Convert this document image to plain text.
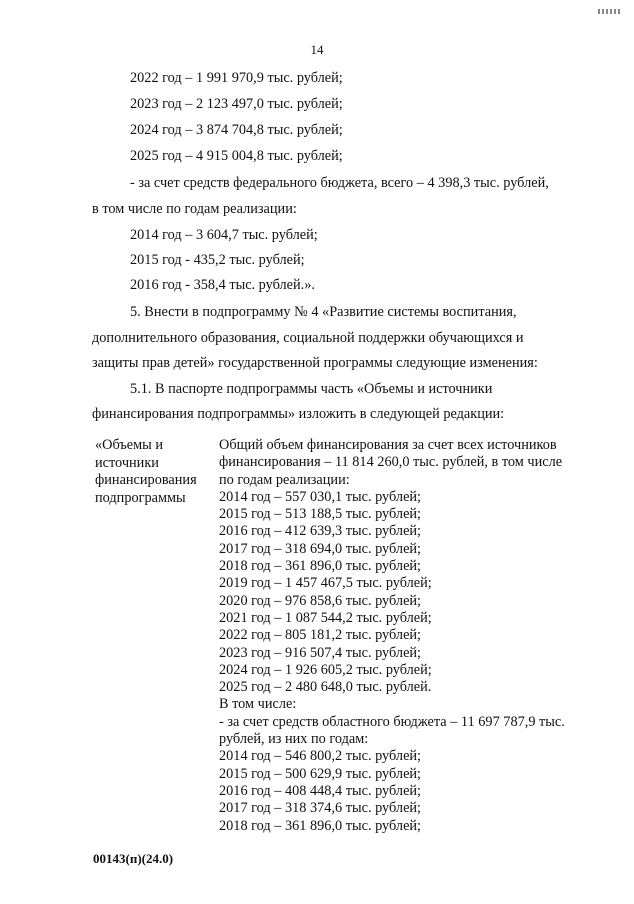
14
2022 год – 1 991 970,9 тыс. рублей;
2023 год – 2 123 497,0 тыс. рублей;
2024 год – 3 874 704,8 тыс. рублей;
2025 год – 4 915 004,8 тыс. рублей;
- за счет средств федерального бюджета, всего – 4 398,3 тыс. рублей,
в том числе по годам реализации:
2014 год – 3 604,7 тыс. рублей;
2015 год - 435,2 тыс. рублей;
2016 год - 358,4 тыс. рублей.».
5. Внести в подпрограмму № 4 «Развитие системы воспитания,
дополнительного образования, социальной поддержки обучающихся и
защиты прав детей» государственной программы следующие изменения:
5.1. В паспорте подпрограммы часть «Объемы и источники
финансирования подпрограммы» изложить в следующей редакции:
«Объемы и
источники
финансирования
подпрограммы
Общий объем финансирования за счет всех источников
финансирования – 11 814 260,0 тыс. рублей, в том числе
по годам реализации:
2014 год – 557 030,1 тыс. рублей;
2015 год – 513 188,5 тыс. рублей;
2016 год – 412 639,3 тыс. рублей;
2017 год – 318 694,0 тыс. рублей;
2018 год – 361 896,0 тыс. рублей;
2019 год – 1 457 467,5 тыс. рублей;
2020 год – 976 858,6 тыс. рублей;
2021 год – 1 087 544,2 тыс. рублей;
2022 год – 805 181,2 тыс. рублей;
2023 год – 916 507,4 тыс. рублей;
2024 год – 1 926 605,2 тыс. рублей;
2025 год – 2 480 648,0 тыс. рублей.
В том числе:
- за счет средств областного бюджета – 11 697 787,9 тыс.
рублей, из них по годам:
2014 год – 546 800,2 тыс. рублей;
2015 год – 500 629,9 тыс. рублей;
2016 год – 408 448,4 тыс. рублей;
2017 год – 318 374,6 тыс. рублей;
2018 год – 361 896,0 тыс. рублей;
00143(п)(24.0)
